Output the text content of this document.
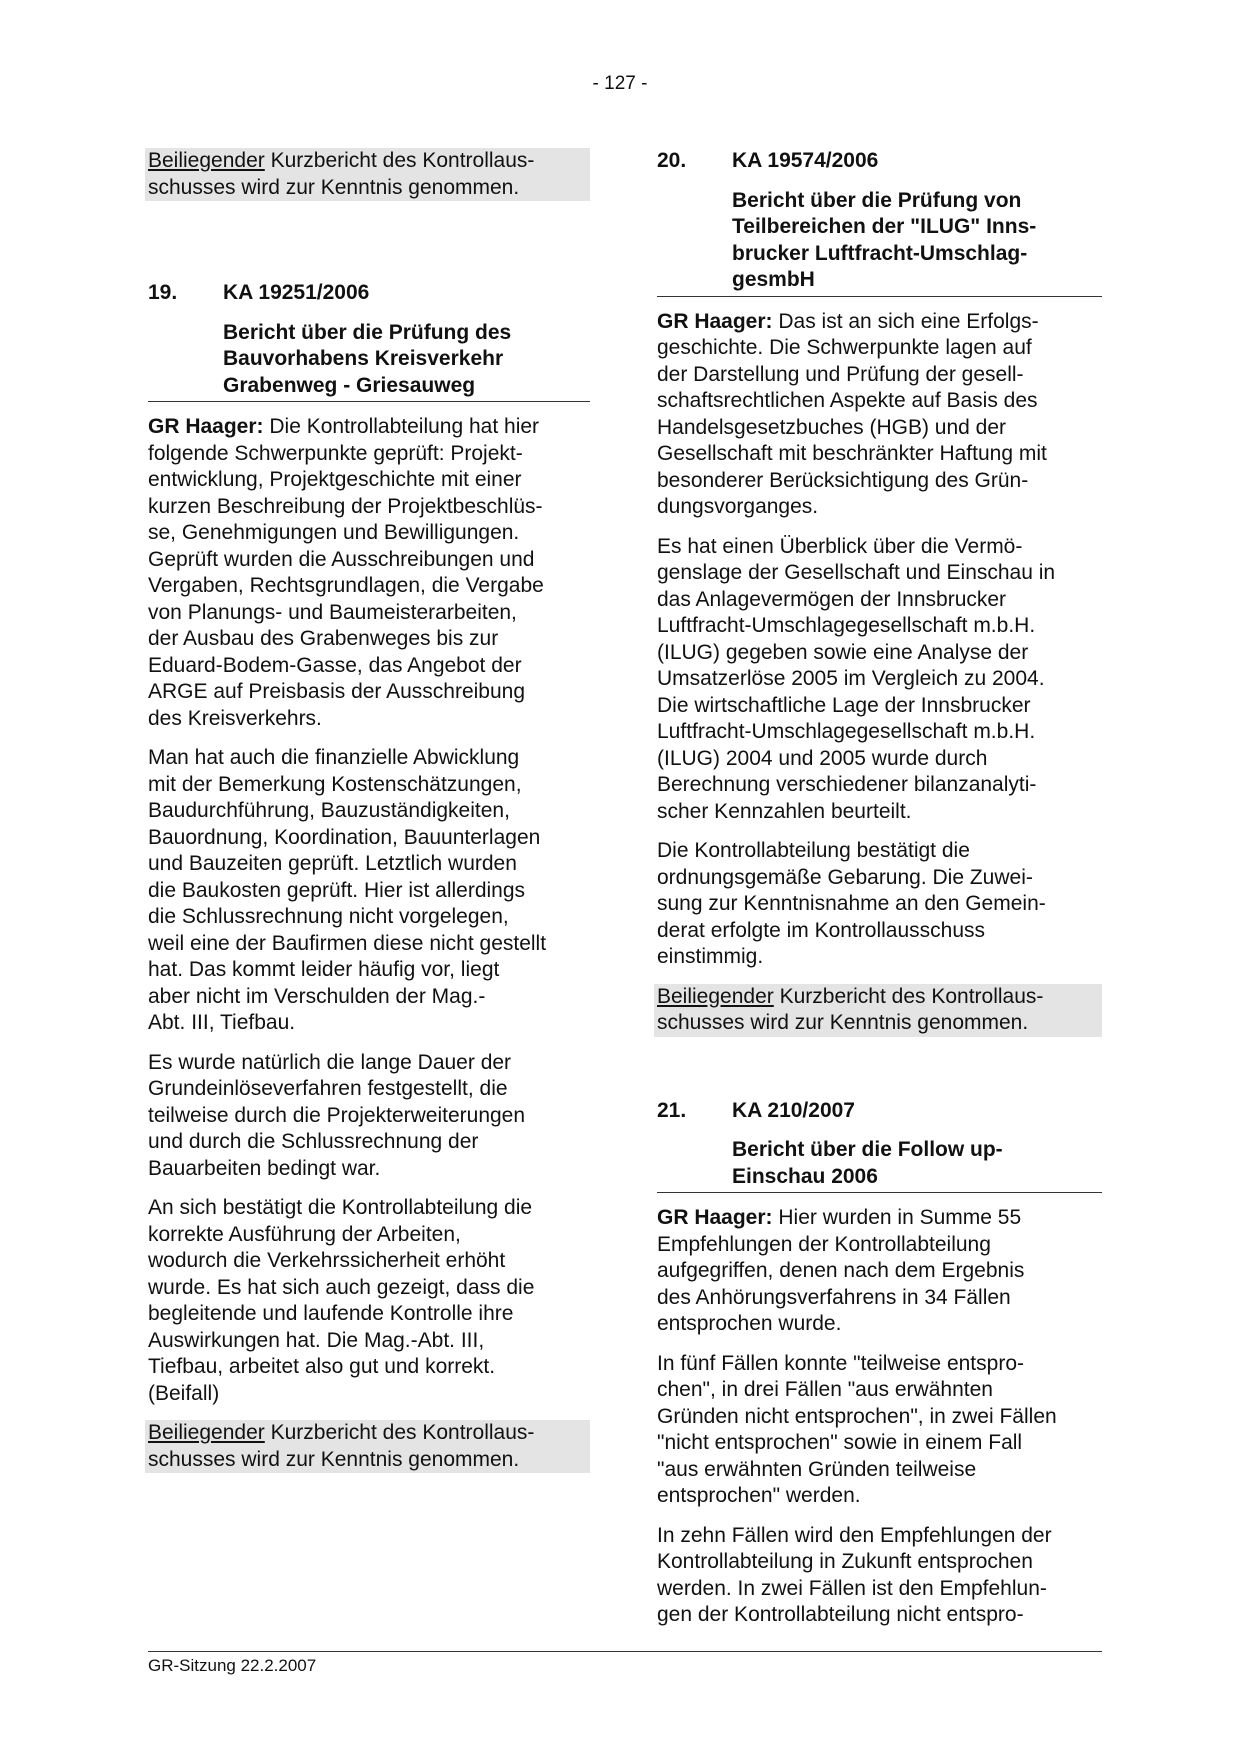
- 127 -
Beiliegender Kurzbericht des Kontrollaus-
schusses wird zur Kenntnis genommen.
19.	KA 19251/2006
Bericht über die Prüfung des
Bauvorhabens Kreisverkehr
Grabenweg - Griesauweg
GR Haager: Die Kontrollabteilung hat hier
folgende Schwerpunkte geprüft: Projekt-
entwicklung, Projektgeschichte mit einer
kurzen Beschreibung der Projektbeschlüs-
se, Genehmigungen und Bewilligungen.
Geprüft wurden die Ausschreibungen und
Vergaben, Rechtsgrundlagen, die Vergabe
von Planungs- und Baumeisterarbeiten,
der Ausbau des Grabenweges bis zur
Eduard-Bodem-Gasse, das Angebot der
ARGE auf Preisbasis der Ausschreibung
des Kreisverkehrs.
Man hat auch die finanzielle Abwicklung
mit der Bemerkung Kostenschätzungen,
Baudurchführung, Bauzuständigkeiten,
Bauordnung, Koordination, Bauunterlagen
und Bauzeiten geprüft. Letztlich wurden
die Baukosten geprüft. Hier ist allerdings
die Schlussrechnung nicht vorgelegen,
weil eine der Baufirmen diese nicht gestellt
hat. Das kommt leider häufig vor, liegt
aber nicht im Verschulden der Mag.-
Abt. III, Tiefbau.
Es wurde natürlich die lange Dauer der
Grundeinlöseverfahren festgestellt, die
teilweise durch die Projekterweiterungen
und durch die Schlussrechnung der
Bauarbeiten bedingt war.
An sich bestätigt die Kontrollabteilung die
korrekte Ausführung der Arbeiten,
wodurch die Verkehrssicherheit erhöht
wurde. Es hat sich auch gezeigt, dass die
begleitende und laufende Kontrolle ihre
Auswirkungen hat. Die Mag.-Abt. III,
Tiefbau, arbeitet also gut und korrekt.
(Beifall)
Beiliegender Kurzbericht des Kontrollaus-
schusses wird zur Kenntnis genommen.
20.	KA 19574/2006
Bericht über die Prüfung von
Teilbereichen der "ILUG" Inns-
brucker Luftfracht-Umschlag-
gesmbH
GR Haager: Das ist an sich eine Erfolgs-
geschichte. Die Schwerpunkte lagen auf
der Darstellung und Prüfung der gesell-
schaftsrechtlichen Aspekte auf Basis des
Handelsgesetzbuches (HGB) und der
Gesellschaft mit beschränkter Haftung mit
besonderer Berücksichtigung des Grün-
dungsvorganges.
Es hat einen Überblick über die Vermö-
genslage der Gesellschaft und Einschau in
das Anlagevermögen der Innsbrucker
Luftfracht-Umschlagegesellschaft m.b.H.
(ILUG) gegeben sowie eine Analyse der
Umsatzerlöse 2005 im Vergleich zu 2004.
Die wirtschaftliche Lage der Innsbrucker
Luftfracht-Umschlagegesellschaft m.b.H.
(ILUG) 2004 und 2005 wurde durch
Berechnung verschiedener bilanzanalyti-
scher Kennzahlen beurteilt.
Die Kontrollabteilung bestätigt die
ordnungsgemäße Gebarung. Die Zuwei-
sung zur Kenntnisnahme an den Gemein-
derat erfolgte im Kontrollausschuss
einstimmig.
Beiliegender Kurzbericht des Kontrollaus-
schusses wird zur Kenntnis genommen.
21.	KA 210/2007
Bericht über die Follow up-
Einschau 2006
GR Haager: Hier wurden in Summe 55
Empfehlungen der Kontrollabteilung
aufgegriffen, denen nach dem Ergebnis
des Anhörungsverfahrens in 34 Fällen
entsprochen wurde.
In fünf Fällen konnte "teilweise entspro-
chen", in drei Fällen "aus erwähnten
Gründen nicht entsprochen", in zwei Fällen
"nicht entsprochen" sowie in einem Fall
"aus erwähnten Gründen teilweise
entsprochen" werden.
In zehn Fällen wird den Empfehlungen der
Kontrollabteilung in Zukunft entsprochen
werden. In zwei Fällen ist den Empfehlun-
gen der Kontrollabteilung nicht entspro-
GR-Sitzung 22.2.2007
